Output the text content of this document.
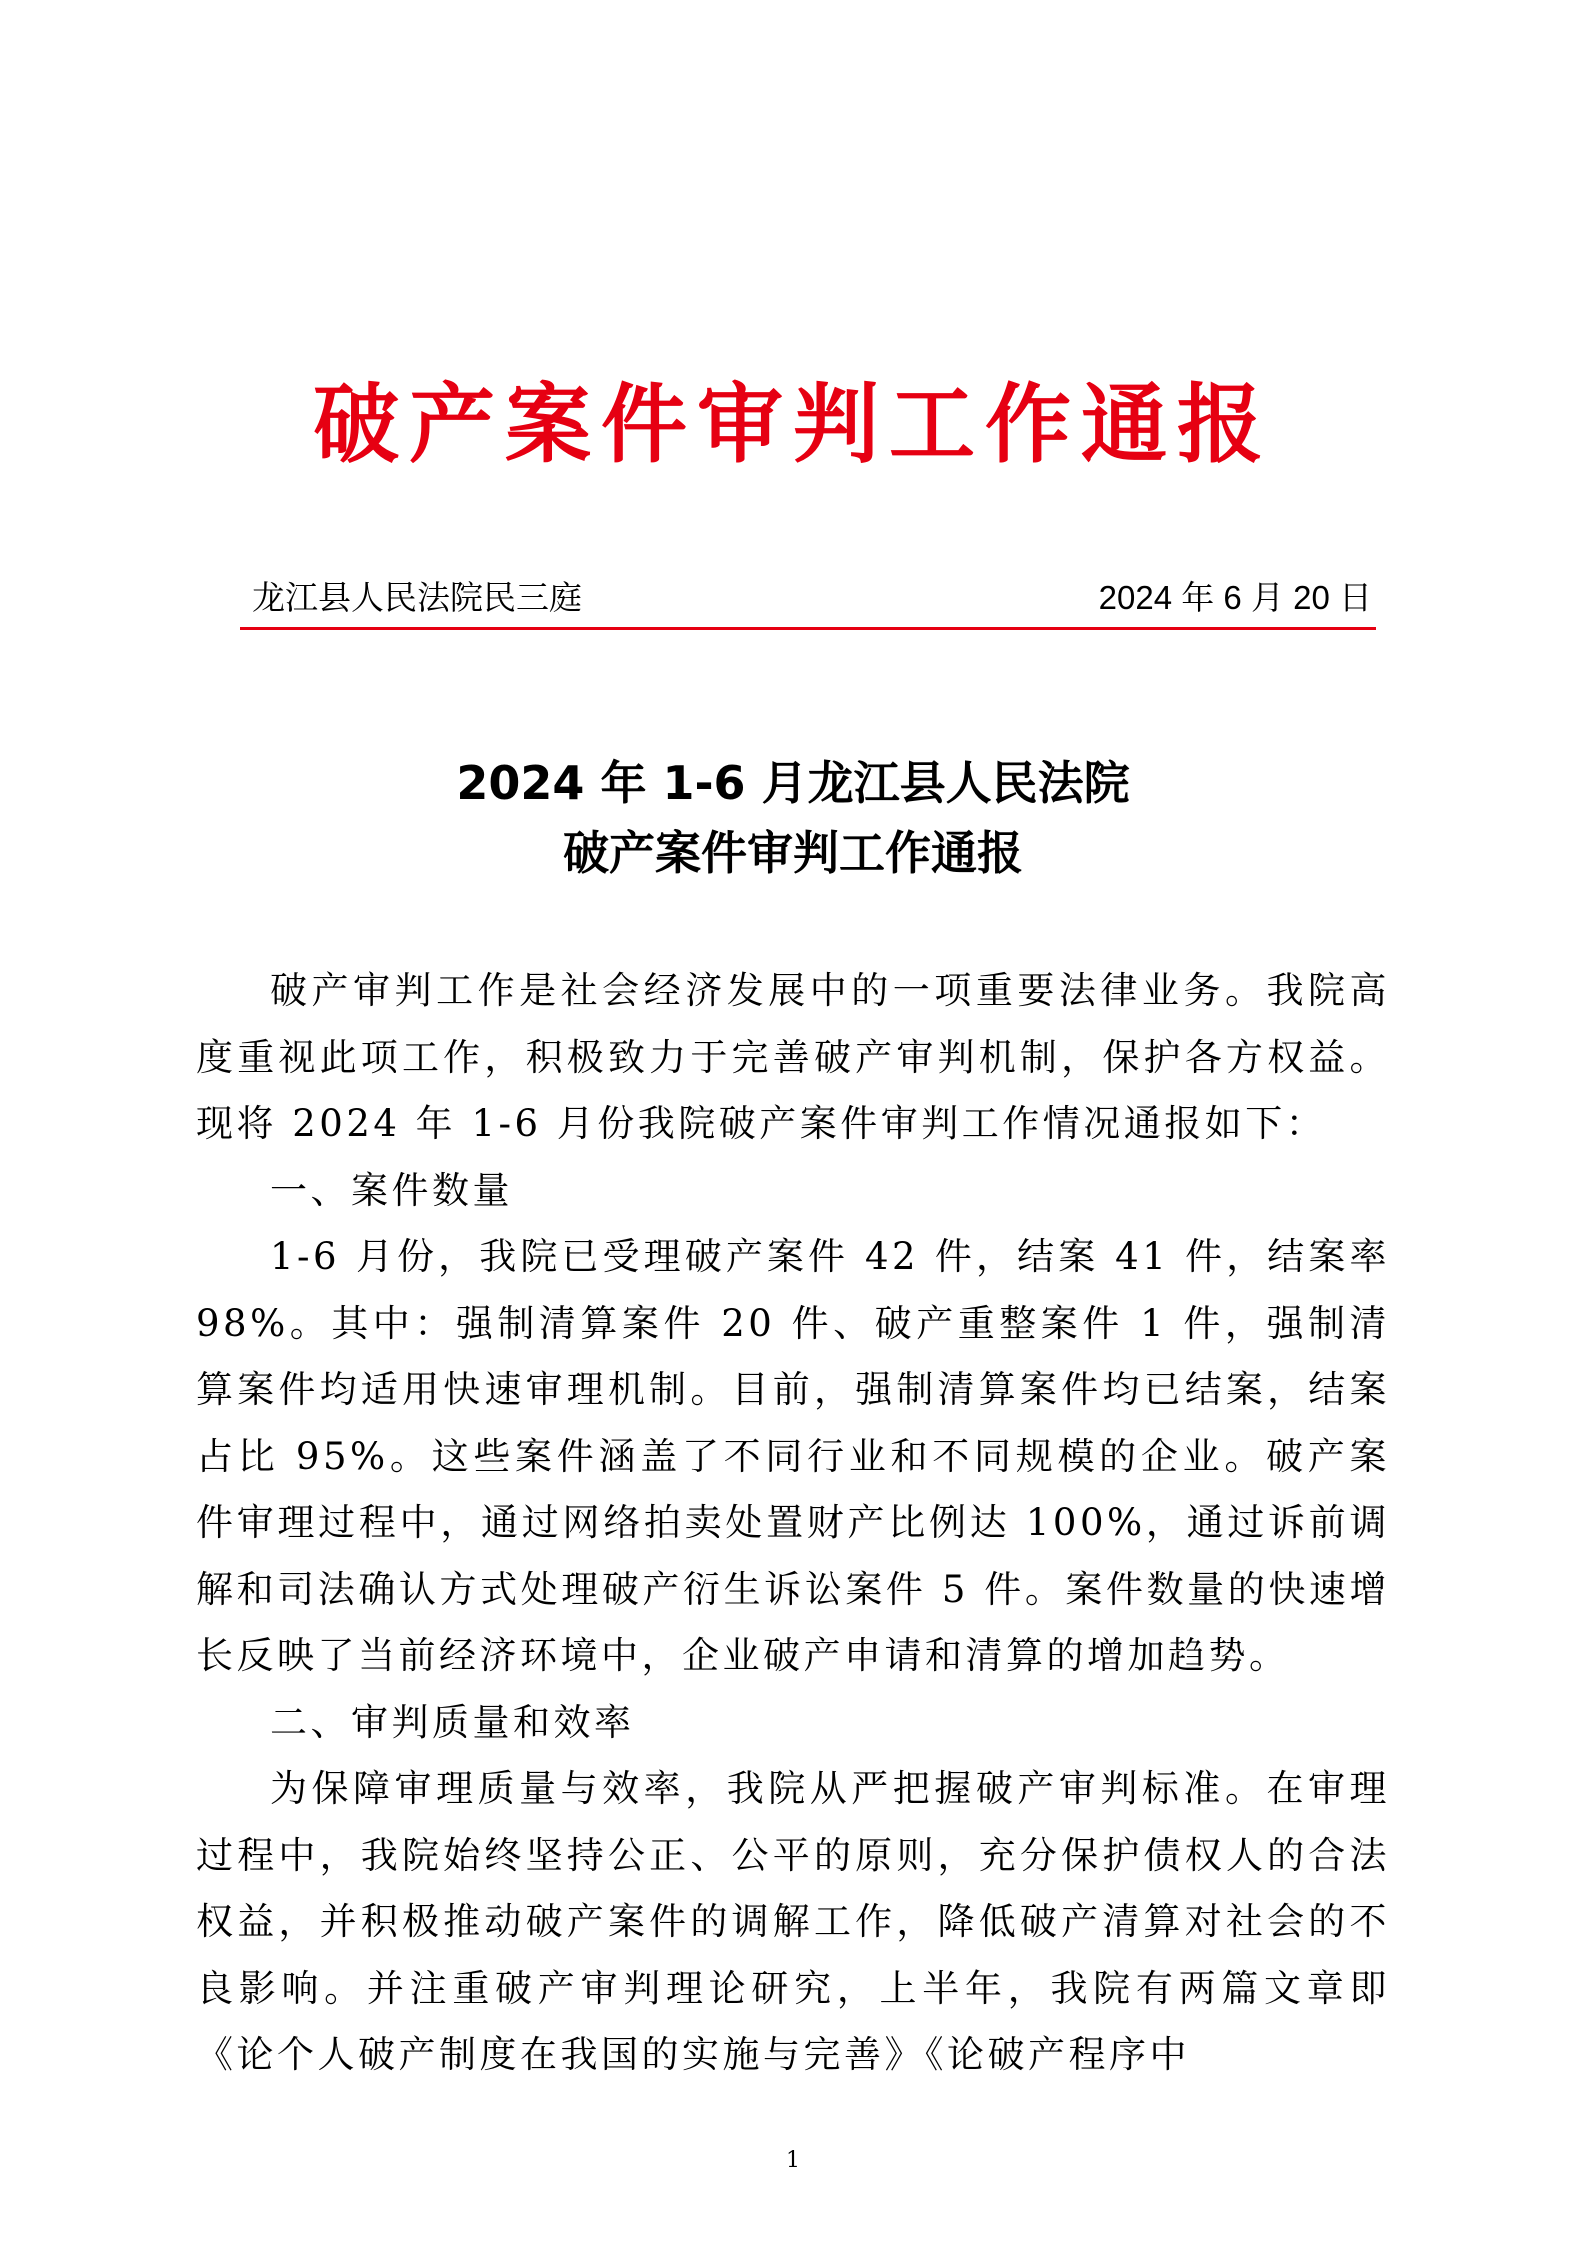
破产案件审判工作通报
龙江县人民法院民三庭	2024 年 6 月 20 日
2024 年 1-6 月龙江县人民法院
破产案件审判工作通报

破产审判工作是社会经济发展中的一项重要法律业务。我院高度重视此项工作，积极致力于完善破产审判机制，保护各方权益。现将 2024 年 1-6 月份我院破产案件审判工作情况通报如下：

一、案件数量

1-6 月份，我院已受理破产案件 42 件，结案 41 件，结案率 98%。其中：强制清算案件 20 件、破产重整案件 1 件，强制清算案件均适用快速审理机制。目前，强制清算案件均已结案，结案占比 95%。这些案件涵盖了不同行业和不同规模的企业。破产案件审理过程中，通过网络拍卖处置财产比例达 100%，通过诉前调解和司法确认方式处理破产衍生诉讼案件 5 件。案件数量的快速增长反映了当前经济环境中，企业破产申请和清算的增加趋势。

二、审判质量和效率

为保障审理质量与效率，我院从严把握破产审判标准。在审理过程中，我院始终坚持公正、公平的原则，充分保护债权人的合法权益，并积极推动破产案件的调解工作，降低破产清算对社会的不良影响。并注重破产审判理论研究，上半年，我院有两篇文章即《论个人破产制度在我国的实施与完善》《论破产程序中

1
